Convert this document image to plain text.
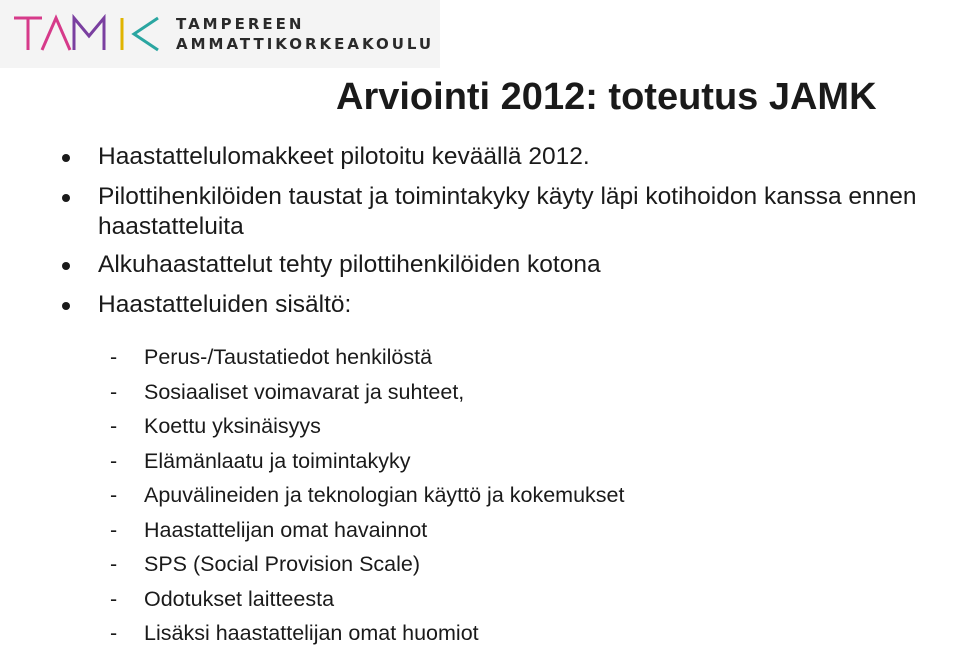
TAMPEREEN
AMMATTIKORKEAKOULU
Arviointi 2012: toteutus JAMK
Haastattelulomakkeet pilotoitu keväällä 2012.
Pilottihenkilöiden taustat ja toimintakyky käyty läpi kotihoidon kanssa ennen haastatteluita
Alkuhaastattelut tehty pilottihenkilöiden kotona
Haastatteluiden sisältö:
- Perus-/Taustatiedot henkilöstä
- Sosiaaliset voimavarat ja suhteet,
- Koettu yksinäisyys
- Elämänlaatu ja toimintakyky
- Apuvälineiden ja teknologian käyttö ja kokemukset
- Haastattelijan omat havainnot
- SPS (Social Provision Scale)
- Odotukset laitteesta
- Lisäksi haastattelijan omat huomiot
